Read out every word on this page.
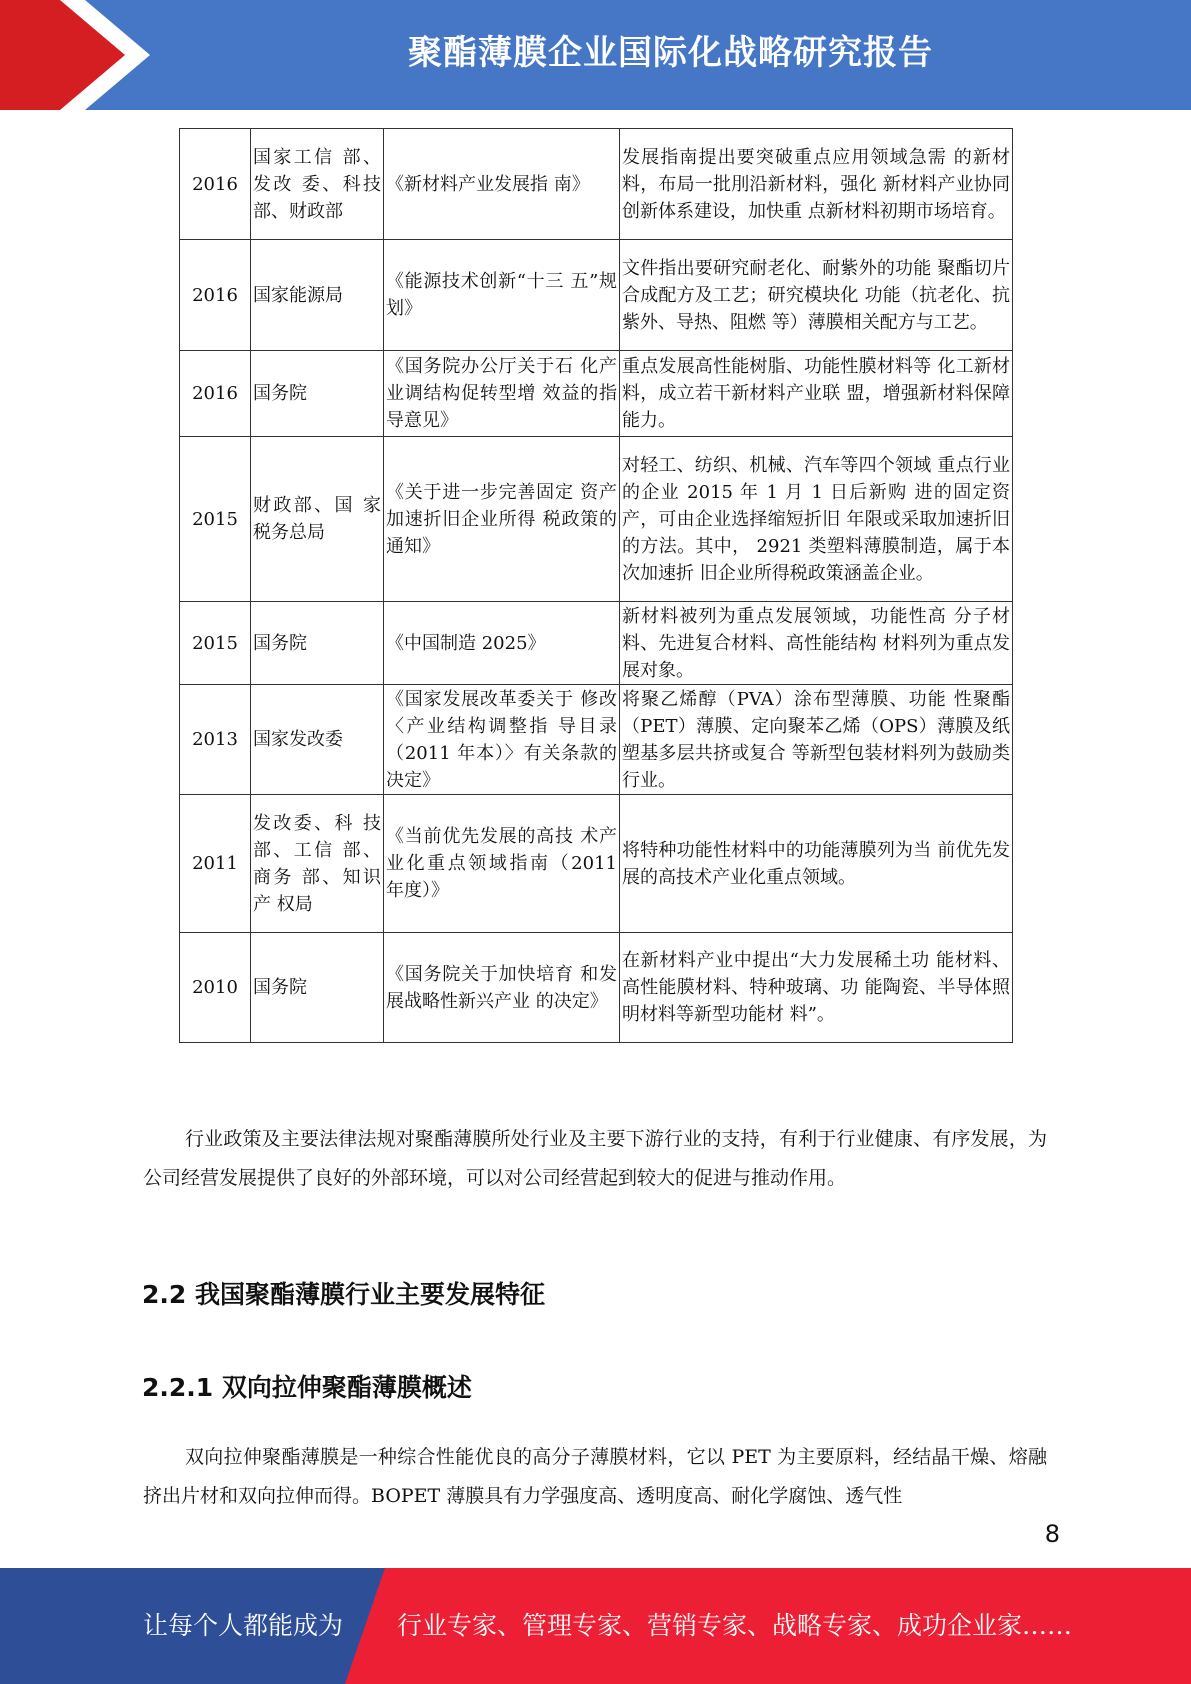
聚酯薄膜企业国际化战略研究报告
2016	国家工信 部、发改 委、科技部、财政部	《新材料产业发展指 南》	发展指南提出要突破重点应用领域急需 的新材料，布局一批刖沿新材料，强化 新材料产业协同创新体系建设，加快重 点新材料初期市场培育。
2016	国家能源局	《能源技术创新“十三 五”规划》	文件指出要研究耐老化、耐紫外的功能 聚酯切片合成配方及工艺；研究模块化 功能（抗老化、抗紫外、导热、阻燃 等）薄膜相关配方与工艺。
2016	国务院	《国务院办公厅关于石 化产业调结构促转型增 效益的指导意见》	重点发展高性能树脂、功能性膜材料等 化工新材料，成立若干新材料产业联 盟，增强新材料保障能力。
2015	财政部、国 家税务总局	《关于进一步完善固定 资产加速折旧企业所得 税政策的通知》	对轻工、纺织、机械、汽车等四个领域 重点行业的企业 2015 年 1 月 1 日后新购 进的固定资产，可由企业选择缩短折旧 年限或采取加速折旧的方法。其中， 2921 类塑料薄膜制造，属于本次加速折 旧企业所得税政策涵盖企业。
2015	国务院	《中国制造 2025》	新材料被列为重点发展领域，功能性高 分子材料、先进复合材料、高性能结构 材料列为重点发展对象。
2013	国家发改委	《国家发展改革委关于 修改〈产业结构调整指 导目录（2011 年本）〉有关条款的决定》	将聚乙烯醇（PVA）涂布型薄膜、功能 性聚酯（PET）薄膜、定向聚苯乙烯（OPS）薄膜及纸塑基多层共挤或复合 等新型包装材料列为鼓励类行业。
2011	发改委、科 技部、工信 部、商务 部、知识产 权局	《当前优先发展的高技 术产业化重点领域指南（2011 年度）》	将特种功能性材料中的功能薄膜列为当 前优先发展的高技术产业化重点领域。
2010	国务院	《国务院关于加快培育 和发展战略性新兴产业 的决定》	在新材料产业中提出“大力发展稀土功 能材料、高性能膜材料、特种玻璃、功 能陶瓷、半导体照明材料等新型功能材 料”。
行业政策及主要法律法规对聚酯薄膜所处行业及主要下游行业的支持，有利于行业健康、有序发展，为公司经营发展提供了良好的外部环境，可以对公司经营起到较大的促进与推动作用。
2.2 我国聚酯薄膜行业主要发展特征
2.2.1 双向拉伸聚酯薄膜概述
双向拉伸聚酯薄膜是一种综合性能优良的高分子薄膜材料，它以 PET 为主要原料，经结晶干燥、熔融挤出片材和双向拉伸而得。BOPET 薄膜具有力学强度高、透明度高、耐化学腐蚀、透气性
8
让每个人都能成为 行业专家、管理专家、营销专家、战略专家、成功企业家……
